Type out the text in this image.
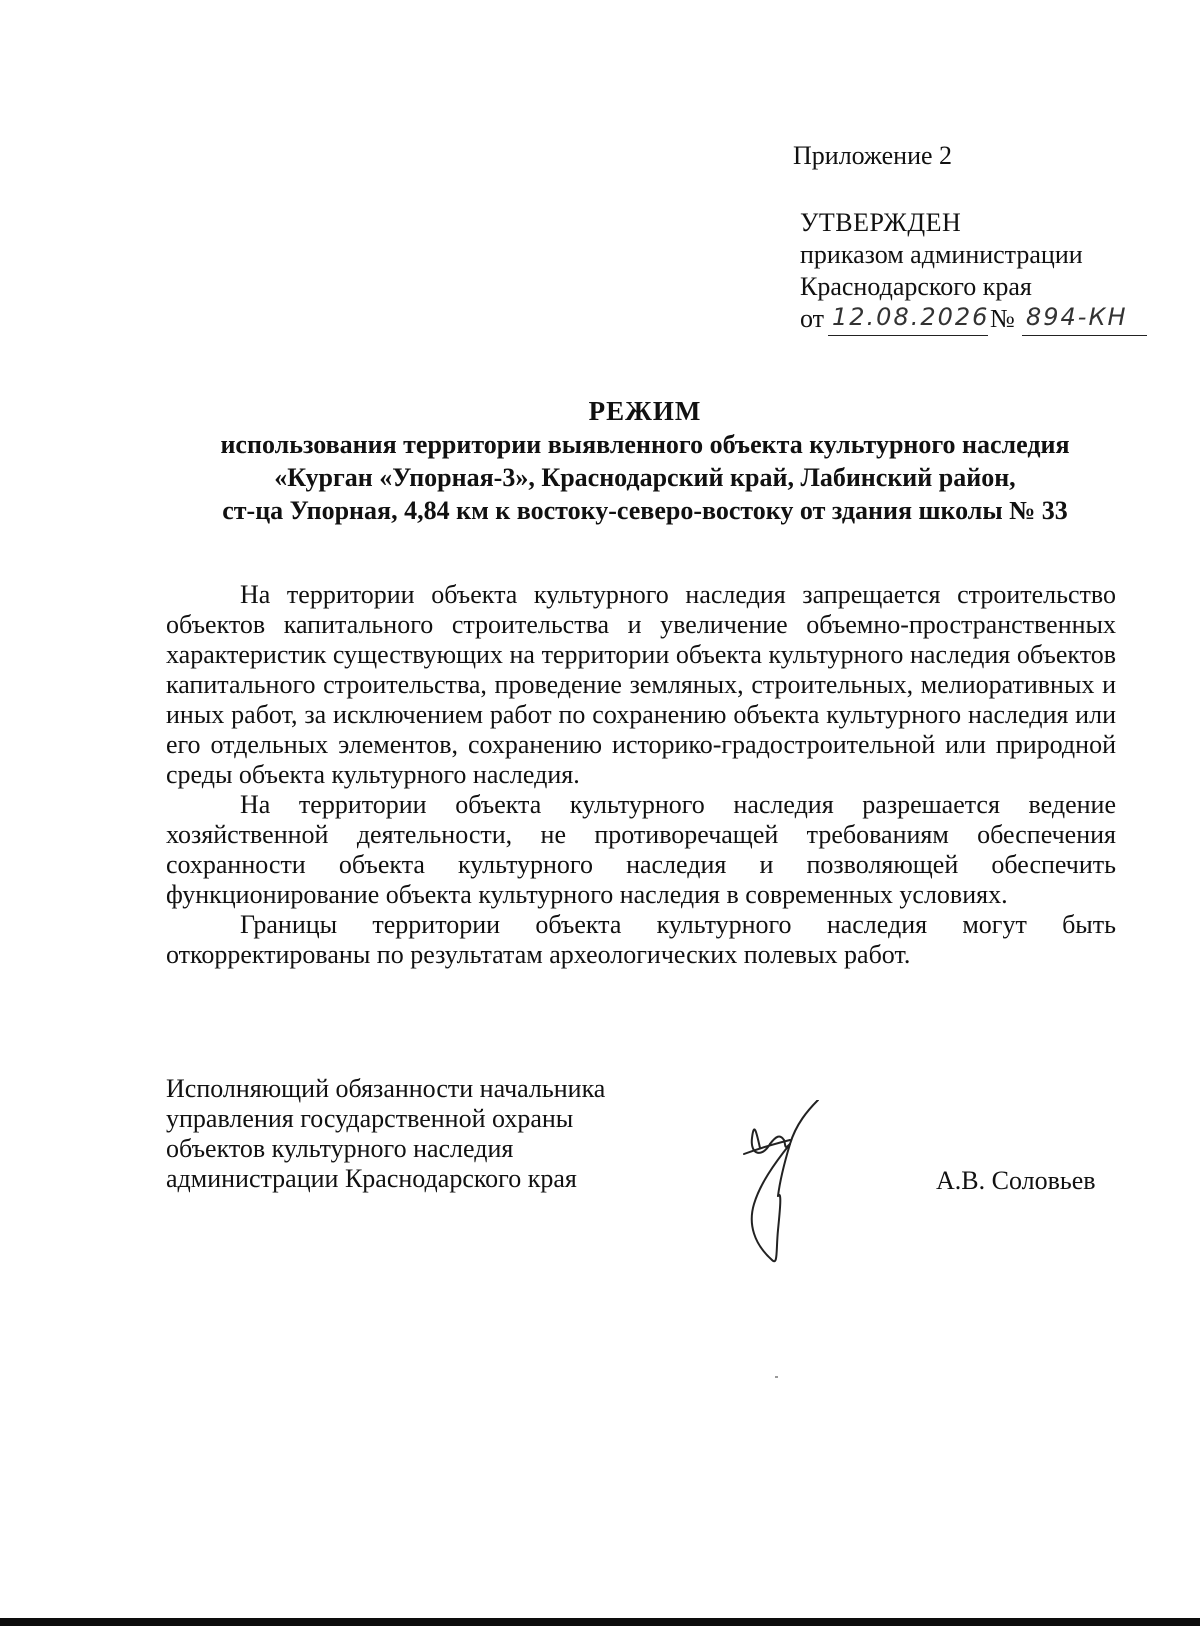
Приложение 2
УТВЕРЖДЕН
приказом администрации
Краснодарского края
от 12.08.2026 № 894-КН
РЕЖИМ
использования территории выявленного объекта культурного наследия
«Курган «Упорная-3», Краснодарский край, Лабинский район,
ст-ца Упорная, 4,84 км к востоку-северо-востоку от здания школы № 33

На территории объекта культурного наследия запрещается строительство объектов капитального строительства и увеличение объемно-пространственных характеристик существующих на территории объекта культурного наследия объектов капитального строительства, проведение земляных, строительных, мелиоративных и иных работ, за исключением работ по сохранению объекта культурного наследия или его отдельных элементов, сохранению историко-градостроительной или природной среды объекта культурного наследия.

На территории объекта культурного наследия разрешается ведение хозяйственной деятельности, не противоречащей требованиям обеспечения сохранности объекта культурного наследия и позволяющей обеспечить функционирование объекта культурного наследия в современных условиях.

Границы территории объекта культурного наследия могут быть откорректированы по результатам археологических полевых работ.

Исполняющий обязанности начальника
управления государственной охраны
объектов культурного наследия
администрации Краснодарского края	А.В. Соловьев
